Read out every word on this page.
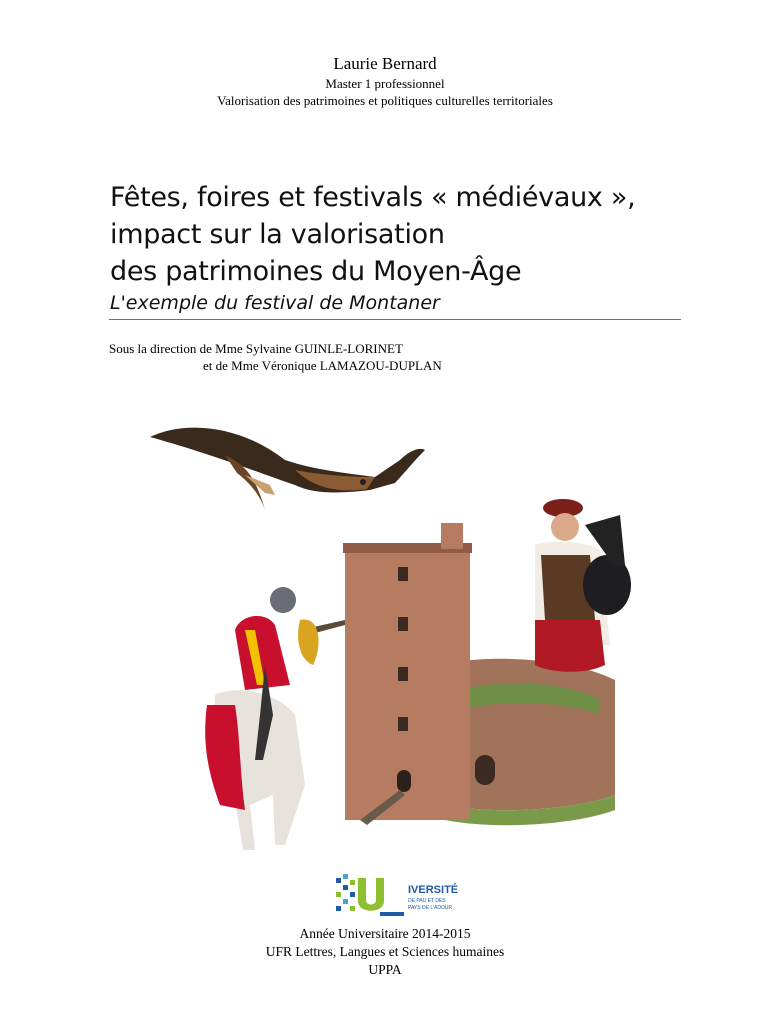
Laurie Bernard
Master 1 professionnel
Valorisation des patrimoines et politiques culturelles territoriales
Fêtes, foires et festivals « médiévaux »,
impact sur la valorisation
des patrimoines du Moyen-Âge
L'exemple du festival de Montaner
Sous la direction de Mme Sylvaine GUINLE-LORINET
et de Mme Véronique LAMAZOU-DUPLAN
IVERSITÉ
DE PAU ET DES
PAYS DE L'ADOUR
Année Universitaire 2014-2015
UFR Lettres, Langues et Sciences humaines
UPPA
